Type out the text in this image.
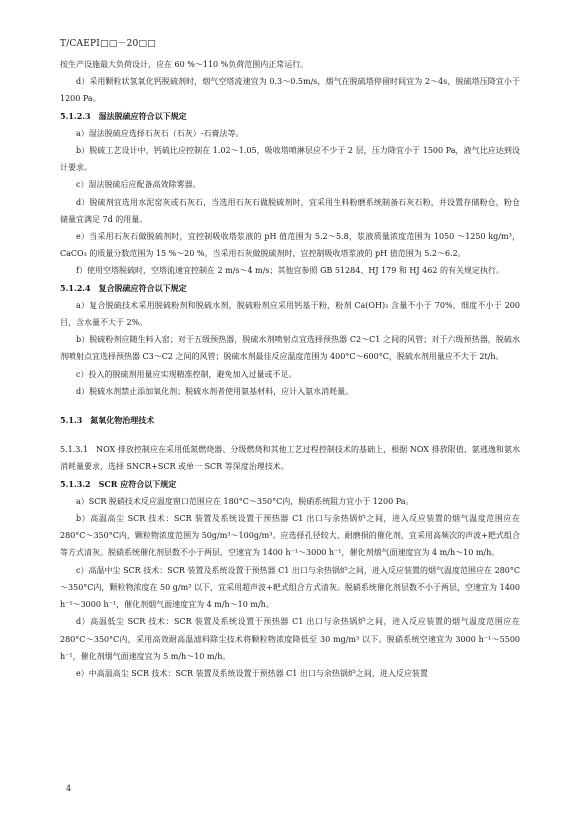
T/CAEPI□□－20□□

按生产设施最大负荷设计，应在 60 %～110 %负荷范围内正常运行。

d）采用颗粒状氢氧化钙脱硫剂时，烟气空塔流速宜为 0.3～0.5m/s，烟气在脱硫塔停留时间宜为 2～4s，脱硫塔压降宜小于 1200 Pa。

5.1.2.3　湿法脱硫应符合以下规定

a）湿法脱硫应选择石灰石（石灰）-石膏法等。

b）脱硫工艺设计中，钙硫比应控制在 1.02～1.05，吸收塔喷淋层应不少于 2 层，压力降宜小于 1500 Pa，液气比应达到设计要求。

c）湿法脱硫后应配备高效除雾器。

d）脱硫剂宜选用水泥窑灰或石灰石，当选用石灰石做脱硫剂时，宜采用生料粉磨系统制备石灰石粉，并设置存储粉仓，粉仓储量宜满足 7d 的用量。

e）当采用石灰石做脱硫剂时，宜控制吸收塔浆液的 pH 值范围为 5.2～5.8，浆液质量浓度范围为 1050 ～1250 kg/m³，CaCO₃ 的质量分数范围为 15 %～20 %。当采用石灰做脱硫剂时，宜控制吸收塔浆液的 pH 值范围为 5.2～6.2。

f）使用空塔脱硫时，空塔流速宜控制在 2 m/s～4 m/s；其他宜参照 GB 51284、HJ 179 和 HJ 462 的有关规定执行。

5.1.2.4　复合脱硫应符合以下规定

a）复合脱硫技术采用脱硫粉剂和脱硫水剂，脱硫粉剂应采用钙基干粉，粉剂 Ca(OH)₂ 含量不小于 70%，细度不小于 200 目，含水量不大于 2%。

b）脱硫粉剂应随生料入窑；对于五级预热器，脱硫水剂喷射点宜选择预热器 C2～C1 之间的风管；对于六级预热器，脱硫水剂喷射点宜选择预热器 C3～C2 之间的风管；脱硫水剂最佳反应温度范围为 400°C～600°C，脱硫水剂用量应不大于 2t/h。

c）投入的脱硫剂用量应实现精准控制，避免加入过量或不足。

d）脱硫水剂禁止添加氧化剂；脱硫水剂者使用氨基材料，应计入氨水消耗量。

5.1.3　氮氧化物治理技术

5.1.3.1　NOX 排放控制应在采用低氮燃烧器、分级燃烧和其他工艺过程控制技术的基础上，根据 NOX 排放限值、氨逃逸和氨水消耗量要求，选择 SNCR+SCR 或单一 SCR 等深度治理技术。

5.1.3.2　SCR 应符合以下规定

a）SCR 脱硝技术反应温度窗口范围应在 180°C～350°C内，脱硝系统阻力宜小于 1200 Pa。

b）高温高尘 SCR 技术：SCR 装置及系统设置于预热器 C1 出口与余热锅炉之间，进入反应装置的烟气温度范围应在 280°C～350°C内，颗粒物浓度范围为 50g/m³～100g/m³。应选择孔径较大、耐磨损的催化剂，宜采用高频次的声波+耙式组合等方式清灰。脱硝系统催化剂层数不小于两层，空速宜为 1400 h⁻¹～3000 h⁻¹，催化剂烟气面速度宜为 4 m/h～10 m/h。

c）高温中尘 SCR 技术：SCR 装置及系统设置于预热器 C1 出口与余热锅炉之间，进入反应装置的烟气温度范围应在 280°C～350°C内，颗粒物浓度在 50 g/m³ 以下，宜采用超声波+耙式组合方式清灰。脱硝系统催化剂层数不小于两层，空速宜为 1400 h⁻¹～3000 h⁻¹，催化剂烟气面速度宜为 4 m/h～10 m/h。

d）高温低尘 SCR 技术：SCR 装置及系统设置于预热器 C1 出口与余热锅炉之间，进入反应装置的烟气温度范围应在 280°C～350°C内，采用高效耐高温滤料除尘技术将颗粒物浓度降低至 30 mg/m³ 以下。脱硝系统空速宜为 3000 h⁻¹～5500 h⁻¹，催化剂烟气面速度宜为 5 m/h～10 m/h。

e）中高温高尘 SCR 技术：SCR 装置及系统设置于预热器 C1 出口与余热锅炉之间，进入反应装置

4
